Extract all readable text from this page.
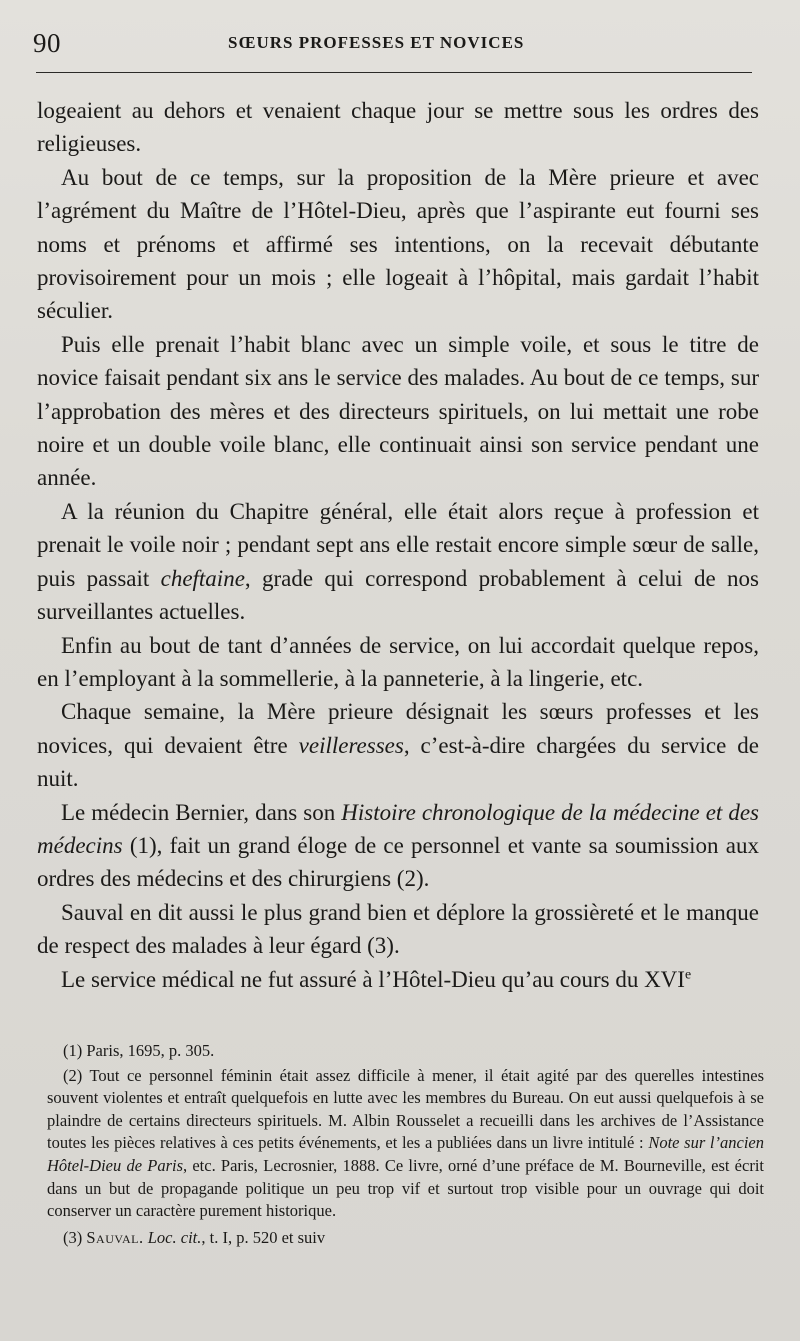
90	SŒURS PROFESSES ET NOVICES

logeaient au dehors et venaient chaque jour se mettre sous les ordres des religieuses.

Au bout de ce temps, sur la proposition de la Mère prieure et avec l’agrément du Maître de l’Hôtel-Dieu, après que l’aspirante eut fourni ses noms et prénoms et affirmé ses intentions, on la recevait débutante provisoirement pour un mois ; elle logeait à l’hôpital, mais gardait l’habit séculier.

Puis elle prenait l’habit blanc avec un simple voile, et sous le titre de novice faisait pendant six ans le service des malades. Au bout de ce temps, sur l’approbation des mères et des directeurs spirituels, on lui mettait une robe noire et un double voile blanc, elle continuait ainsi son service pendant une année.

A la réunion du Chapitre général, elle était alors reçue à profession et prenait le voile noir ; pendant sept ans elle restait encore simple sœur de salle, puis passait cheftaine, grade qui correspond probablement à celui de nos surveillantes actuelles.

Enfin au bout de tant d’années de service, on lui accordait quelque repos, en l’employant à la sommellerie, à la panneterie, à la lingerie, etc.

Chaque semaine, la Mère prieure désignait les sœurs professes et les novices, qui devaient être veilleresses, c’est-à-dire chargées du service de nuit.

Le médecin Bernier, dans son Histoire chronologique de la médecine et des médecins (1), fait un grand éloge de ce personnel et vante sa soumission aux ordres des médecins et des chirurgiens (2).

Sauval en dit aussi le plus grand bien et déplore la grossièreté et le manque de respect des malades à leur égard (3).

Le service médical ne fut assuré à l’Hôtel-Dieu qu’au cours du XVIe

(1) Paris, 1695, p. 305.

(2) Tout ce personnel féminin était assez difficile à mener, il était agité par des querelles intestines souvent violentes et entraît quelquefois en lutte avec les membres du Bureau. On eut aussi quelquefois à se plaindre de certains directeurs spirituels. M. Albin Rousselet a recueilli dans les archives de l’Assistance toutes les pièces relatives à ces petits événements, et les a publiées dans un livre intitulé : Note sur l’ancien Hôtel-Dieu de Paris, etc. Paris, Lecrosnier, 1888. Ce livre, orné d’une préface de M. Bourneville, est écrit dans un but de propagande politique un peu trop vif et surtout trop visible pour un ouvrage qui doit conserver un caractère purement historique.

(3) Sauval. Loc. cit., t. I, p. 520 et suiv
